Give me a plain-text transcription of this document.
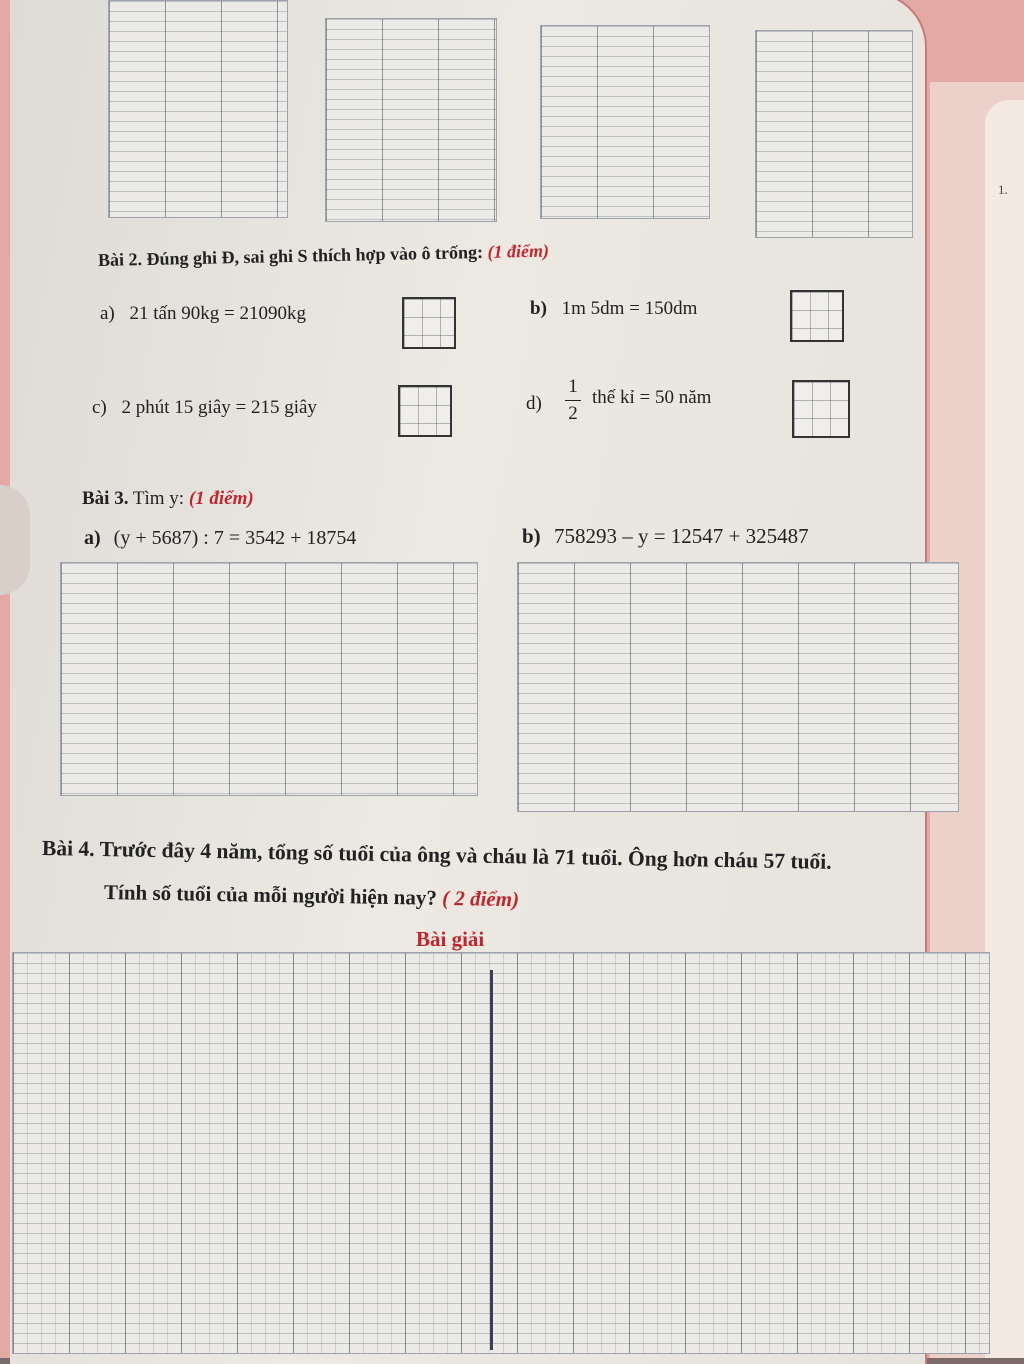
1.
Bài 2. Đúng ghi Đ, sai ghi S thích hợp vào ô trống: (1 điểm)
a) 21 tấn 90kg = 21090kg	b) 1m 5dm = 150dm
c) 2 phút 15 giây = 215 giây	d)
1
2
thế kỉ = 50 năm
Bài 3. Tìm y: (1 điểm)
a) (y + 5687) : 7 = 3542 + 18754	b) 758293 – y = 12547 + 325487
Bài 4. Trước đây 4 năm, tổng số tuổi của ông và cháu là 71 tuổi. Ông hơn cháu 57 tuổi.
Tính số tuổi của mỗi người hiện nay? ( 2 điểm)
Bài giải
